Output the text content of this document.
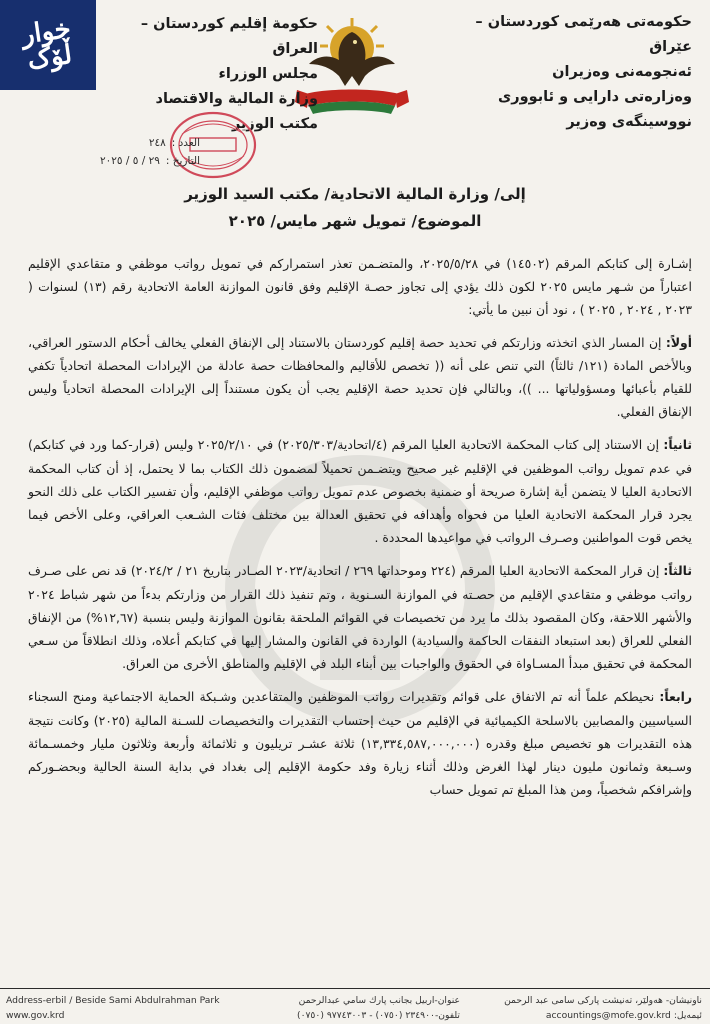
خوار ڵۆک
حكومەتی هەرێمی كوردستان – عێراق
ئەنجومەنی وەزیران
وەزارەتی دارایی و ئابووری
نووسینگەی وەزیر
حكومة إقليم كوردستان – العراق
مجلس الوزراء
وزارة المالية والاقتصاد
مكتب الوزير
العدد :
٢٤٨
التاريخ :
٢٩ / ٥ / ٢٠٢٥
إلى/ وزارة المالية الاتحادية/ مكتب السيد الوزير
الموضوع/ تمويل شهر مايس/ ٢٠٢٥

إشـارة إلى كتابكم المرقم (١٤٥٠٢) في ٢٠٢٥/٥/٢٨، والمتضـمن تعذر استمراركم في تمويل رواتب موظفي و متقاعدي الإقليم اعتباراً من شـهر مايس ٢٠٢٥ لكون ذلك يؤدي إلى تجاوز حصـة الإقليم وفق قانون الموازنة العامة الاتحادية رقم (١٣) لسنوات ( ٢٠٢٣ , ٢٠٢٤ , ٢٠٢٥ ) ، نود أن نبين ما يأتي:

أولاً: إن المسار الذي اتخذته وزارتكم في تحديد حصة إقليم كوردستان بالاستناد إلى الإنفاق الفعلي يخالف أحكام الدستور العراقي، وبالأخص المادة (١٢١/ ثالثاً) التي تنص على أنه (( تخصص للأقاليم والمحافظات حصة عادلة من الإيرادات المحصلة اتحادياً تكفي للقيام بأعبائها ومسؤولياتها ... ))، وبالتالي فإن تحديد حصة الإقليم يجب أن يكون مستنداً إلى الإيرادات المحصلة اتحادياً وليس الإنفاق الفعلي.

ثانياً: إن الاستناد إلى كتاب المحكمة الاتحادية العليا المرقم (٤/اتحادية/٢٠٢٥/٣٠٣) في ٢٠٢٥/٢/١٠ وليس (قرار-كما ورد في كتابكم) في عدم تمويل رواتب الموظفين في الإقليم غير صحيح ويتضـمن تحميلاً لمضمون ذلك الكتاب بما لا يحتمل، إذ أن كتاب المحكمة الاتحادية العليا لا يتضمن أية إشارة صريحة أو ضمنية بخصوص عدم تمويل رواتب موظفي الإقليم، وأن تفسير الكتاب على ذلك النحو يجرد قرار المحكمة الاتحادية العليا من فحواه وأهدافه في تحقيق العدالة بين مختلف فئات الشـعب العراقي، وعلى الأخص فيما يخص قوت المواطنين وصـرف الرواتب في مواعيدها المحددة .

ثالثاً: إن قرار المحكمة الاتحادية العليا المرقم (٢٢٤ وموحداتها ٢٦٩ / اتحادية/٢٠٢٣ الصـادر بتاريخ ٢١ / ٢٠٢٤/٢) قد نص على صـرف رواتب موظفي و متقاعدي الإقليم من حصـته في الموازنة السـنوية ، وتم تنفيذ ذلك القرار من وزارتكم بدءاً من شهر شباط ٢٠٢٤ والأشهر اللاحقة، وكان المقصود بذلك ما يرد من تخصيصات في القوائم الملحقة بقانون الموازنة وليس بنسبة (١٢,٦٧%) من الإنفاق الفعلي للعراق (بعد استبعاد النفقات الحاكمة والسيادية) الواردة في القانون والمشار إليها في كتابكم أعلاه، وذلك انطلاقاً من سـعي المحكمة في تحقيق مبدأ المسـاواة في الحقوق والواجبات بين أبناء البلد في الإقليم والمناطق الأخرى من العراق.

رابعاً: نحيطكم علماً أنه تم الاتفاق على قوائم وتقديرات رواتب الموظفين والمتقاعدين وشـبكة الحماية الاجتماعية ومنح السجناء السياسيين والمصابين بالاسلحة الكيميائية في الإقليم من حيث إحتساب التقديرات والتخصيصات للسـنة المالية (٢٠٢٥) وكانت نتيجة هذه التقديرات هو تخصيص مبلغ وقدره (١٣,٣٣٤,٥٨٧,٠٠٠,٠٠٠) ثلاثة عشـر تريليون و ثلاثمائة وأربعة وثلاثون مليار وخمسـمائة وسـبعة وثمانون مليون دينار لهذا الغرض وذلك أثناء زيارة وفد حكومة الإقليم إلى بغداد في بداية السنة الحالية وبحضـوركم وإشرافكم شخصياً، ومن هذا المبلغ تم تمويل حساب

Address-erbil / Beside Sami Abdulrahman Park
www.gov.krd
عنوان-اربيل بجانب پارك سامي عبدالرحمن
تلفون-٢٣٤٩٠٠ (٠٧٥٠) - ٩٧٧٤٣٠٠٣ (٠٧٥٠)
ناونیشان- هەولێر، تەنیشت پارکی سامی عبد الرحمن
ئیمەیل: accountings@mofe.gov.krd
